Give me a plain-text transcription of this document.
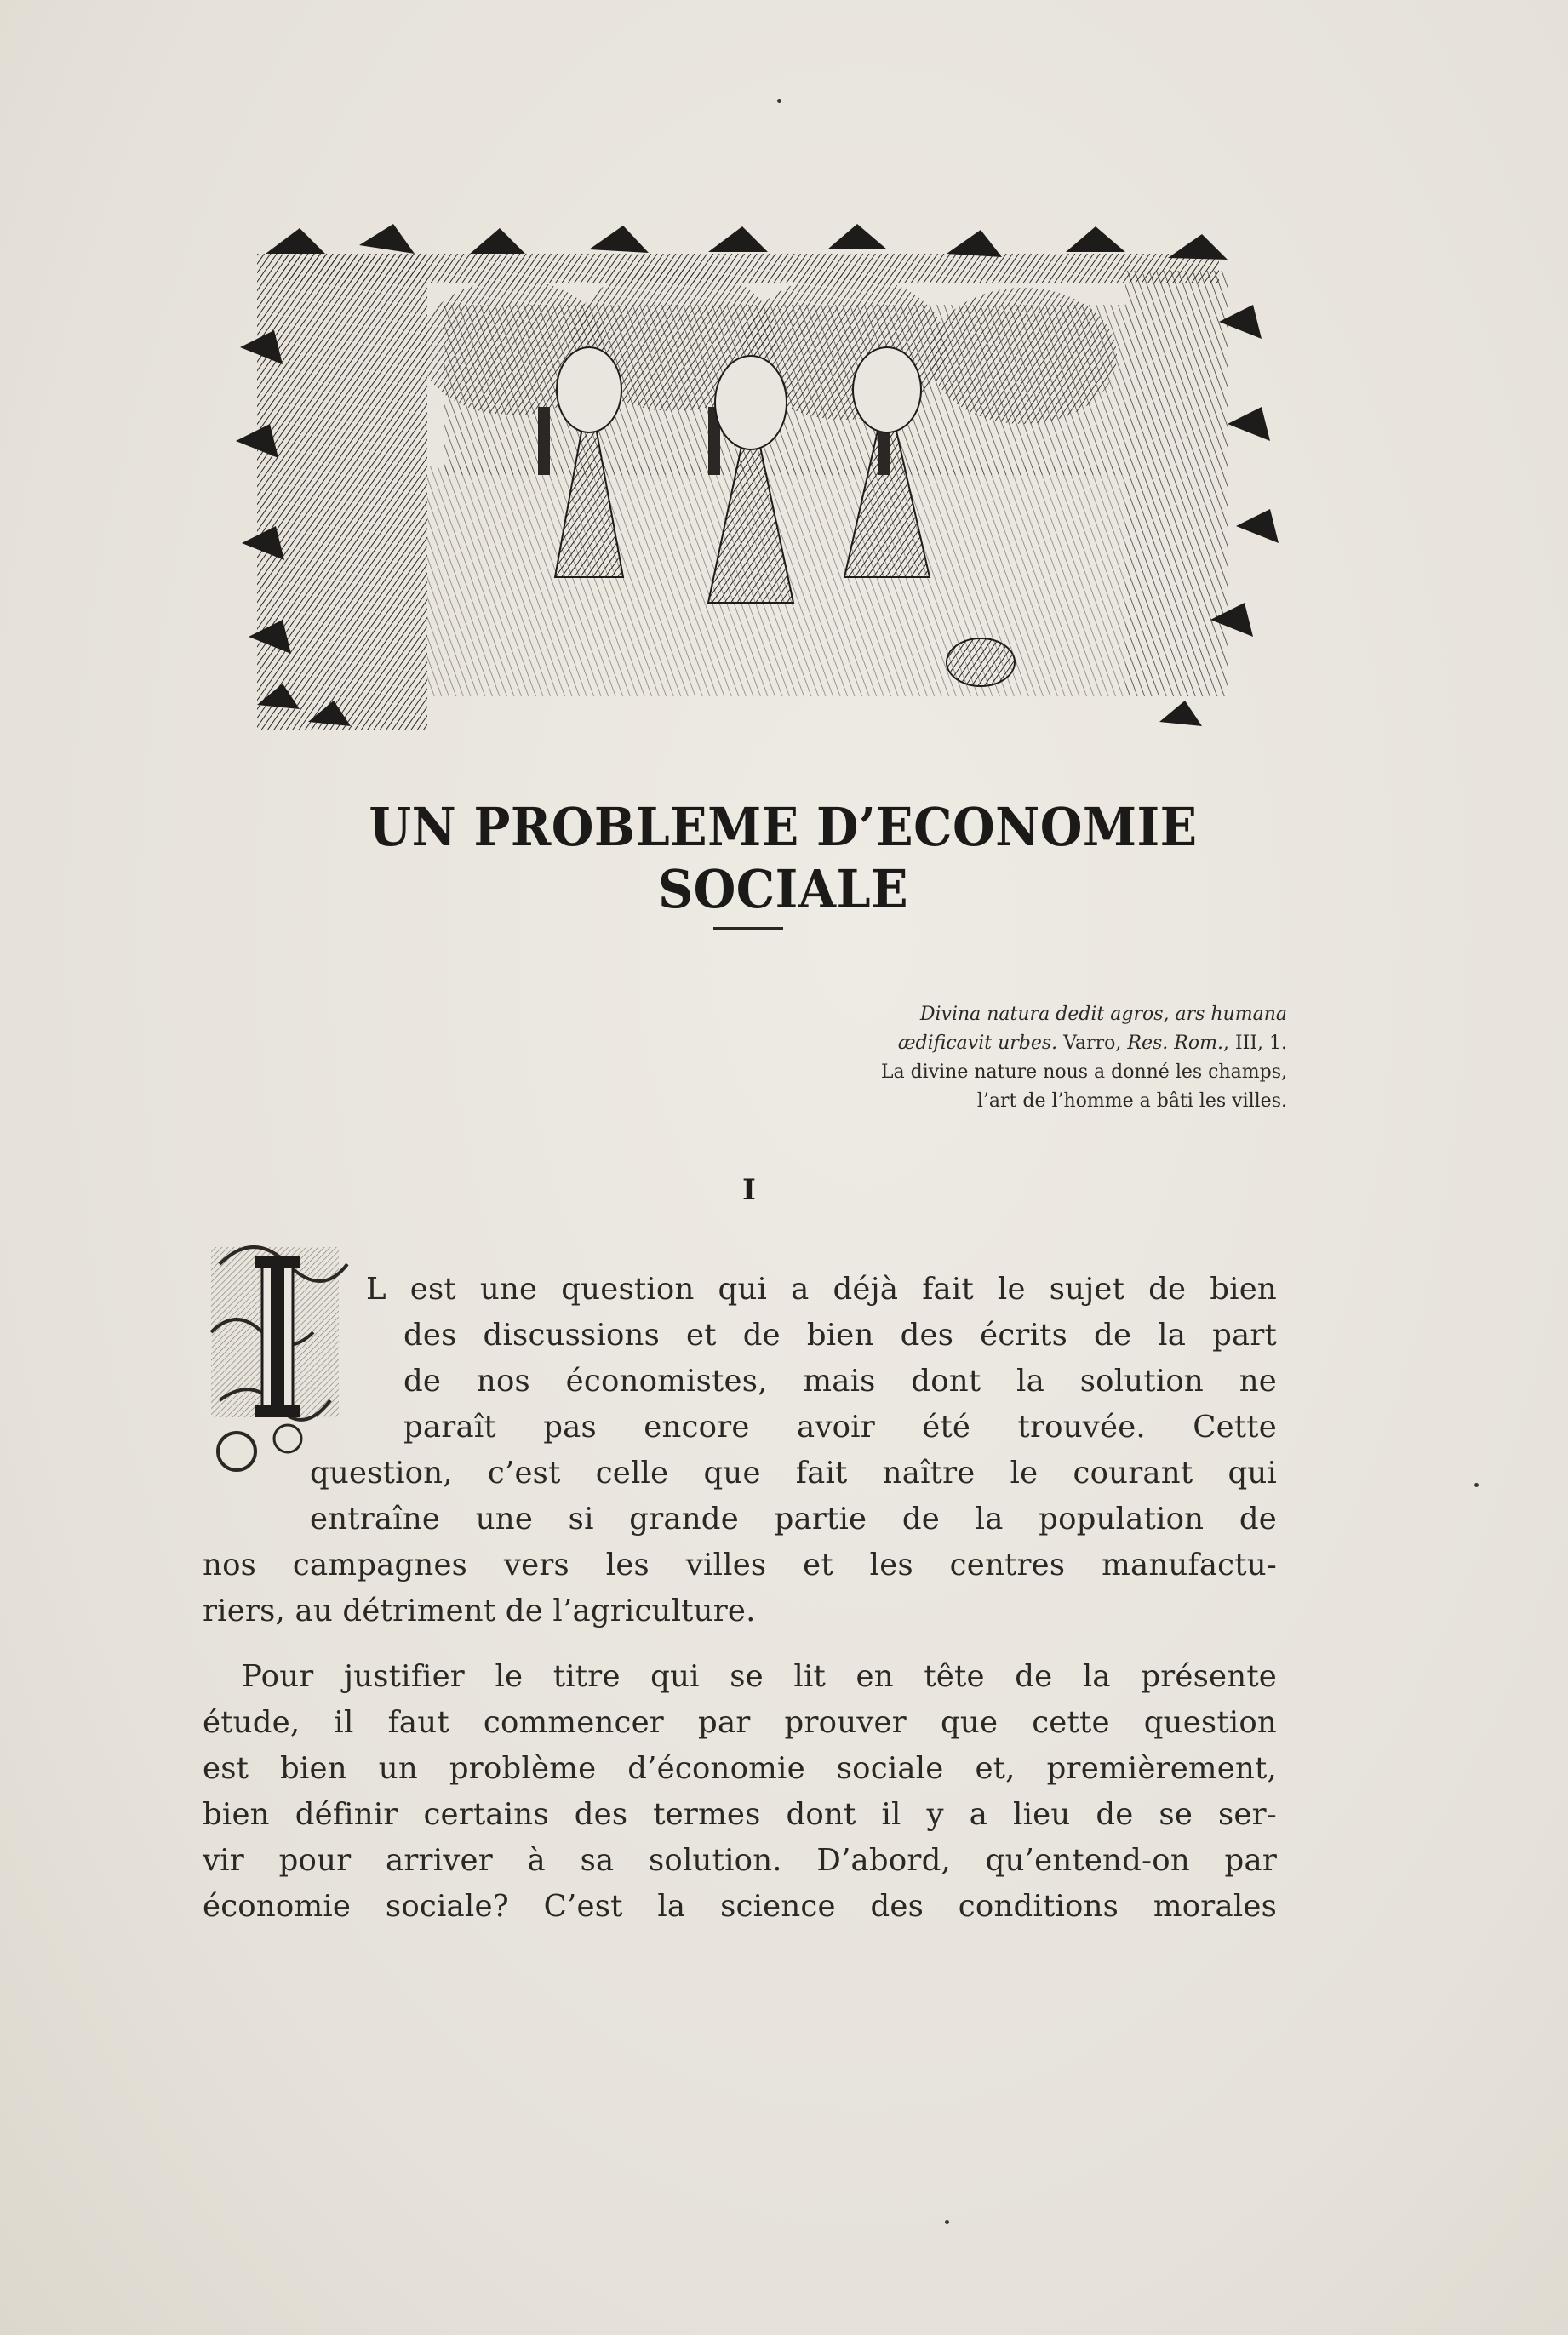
UN PROBLEME D’ECONOMIE SOCIALE
Divina natura dedit agros, ars humana
ædificavit urbes. Varro, Res. Rom., III, 1.
La divine nature nous a donné les champs,
l’art de l’homme a bâti les villes.
I
I
L est une question qui a déjà fait le sujet de bien
des discussions et de bien des écrits de la part
de nos économistes, mais dont la solution ne
paraît pas encore avoir été trouvée. Cette
question, c’est celle que fait naître le courant qui
entraîne une si grande partie de la population de
nos campagnes vers les villes et les centres manufactu-
riers, au détriment de l’agriculture.
Pour justifier le titre qui se lit en tête de la présente
étude, il faut commencer par prouver que cette question
est bien un problème d’économie sociale et, premièrement,
bien définir certains des termes dont il y a lieu de se ser-
vir pour arriver à sa solution. D’abord, qu’entend-on par
économie sociale? C’est la science des conditions morales
